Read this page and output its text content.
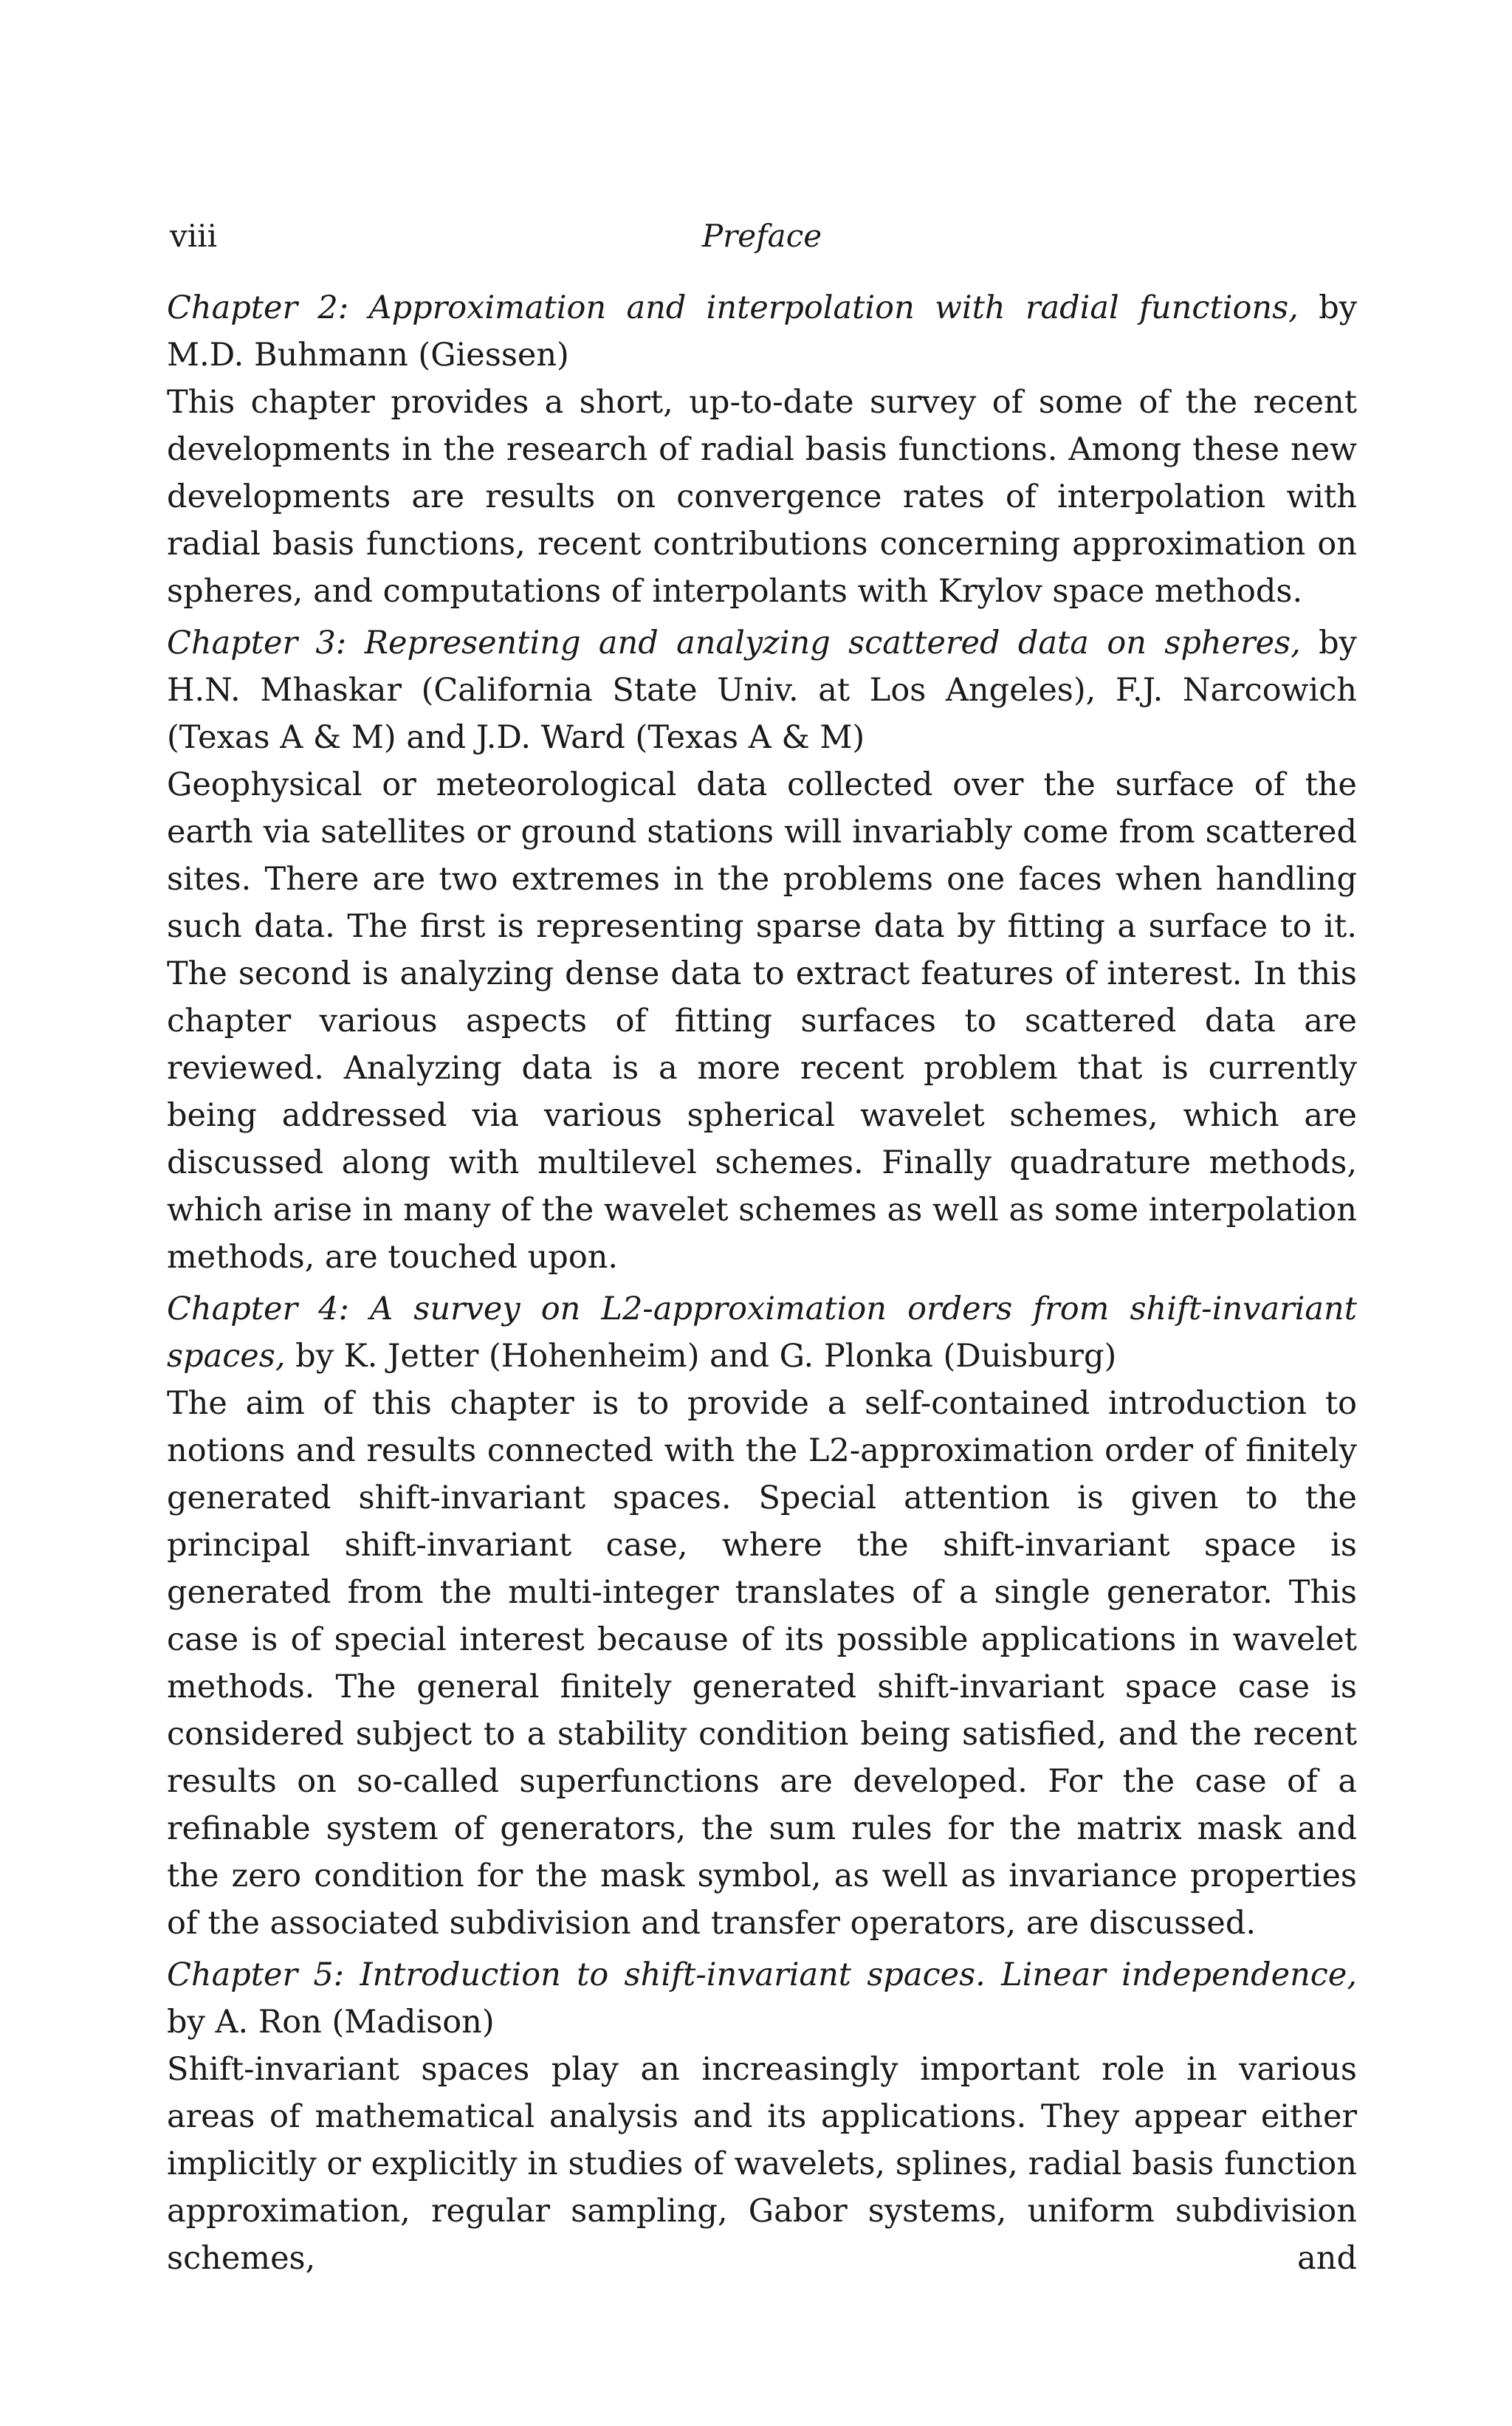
viii	Preface

Chapter 2: Approximation and interpolation with radial functions, by M.D. Buhmann (Giessen)

This chapter provides a short, up-to-date survey of some of the recent developments in the research of radial basis functions. Among these new developments are results on convergence rates of interpolation with radial basis functions, recent contributions concerning approximation on spheres, and computations of interpolants with Krylov space methods.

Chapter 3: Representing and analyzing scattered data on spheres, by H.N. Mhaskar (California State Univ. at Los Angeles), F.J. Narcowich (Texas A & M) and J.D. Ward (Texas A & M)

Geophysical or meteorological data collected over the surface of the earth via satellites or ground stations will invariably come from scattered sites. There are two extremes in the problems one faces when handling such data. The first is representing sparse data by fitting a surface to it. The second is analyzing dense data to extract features of interest. In this chapter various aspects of fitting surfaces to scattered data are reviewed. Analyzing data is a more recent problem that is currently being addressed via various spherical wavelet schemes, which are discussed along with multilevel schemes. Finally quadrature methods, which arise in many of the wavelet schemes as well as some interpolation methods, are touched upon.

Chapter 4: A survey on L2-approximation orders from shift-invariant spaces, by K. Jetter (Hohenheim) and G. Plonka (Duisburg)

The aim of this chapter is to provide a self-contained introduction to notions and results connected with the L2-approximation order of finitely generated shift-invariant spaces. Special attention is given to the principal shift-invariant case, where the shift-invariant space is generated from the multi-integer translates of a single generator. This case is of special interest because of its possible applications in wavelet methods. The general finitely generated shift-invariant space case is considered subject to a stability condition being satisfied, and the recent results on so-called superfunctions are developed. For the case of a refinable system of generators, the sum rules for the matrix mask and the zero condition for the mask symbol, as well as invariance properties of the associated subdivision and transfer operators, are discussed.

Chapter 5: Introduction to shift-invariant spaces. Linear independence, by A. Ron (Madison)

Shift-invariant spaces play an increasingly important role in various areas of mathematical analysis and its applications. They appear either implicitly or explicitly in studies of wavelets, splines, radial basis function approximation, regular sampling, Gabor systems, uniform subdivision schemes, and
